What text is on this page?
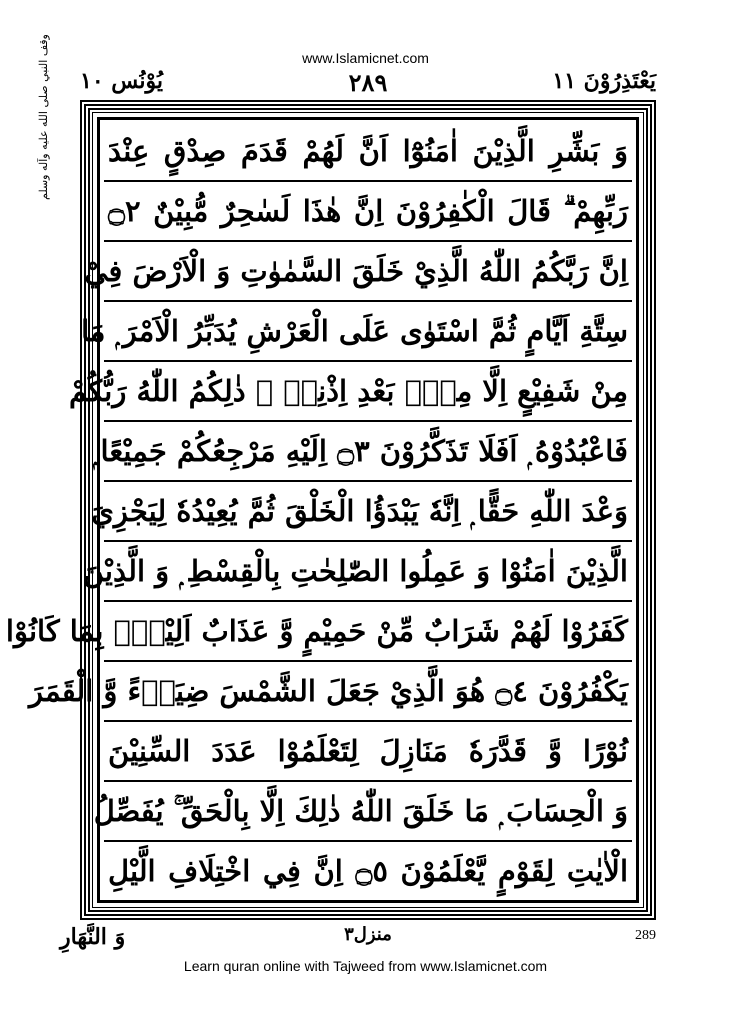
www.Islamicnet.com
يَعْتَذِرُوْنَ ١١
٢٨٩
يُوْنُس ١٠
وقف النبي صلى الله عليه وآله وسلم	وَ بَشِّرِ الَّذِيْنَ اٰمَنُوْٓا اَنَّ لَهُمْ قَدَمَ صِدْقٍ عِنْدَ
رَبِّهِمْ ۗ قَالَ الْكٰفِرُوْنَ اِنَّ هٰذَا لَسٰحِرٌ مُّبِيْنٌ ۝٢
اِنَّ رَبَّكُمُ اللّٰهُ الَّذِيْ خَلَقَ السَّمٰوٰتِ وَ الْاَرْضَ فِيْ
سِتَّةِ اَيَّامٍ ثُمَّ اسْتَوٰى عَلَى الْعَرْشِ يُدَبِّرُ الْاَمْرَ ۭ مَا
مِنْ شَفِيْعٍ اِلَّا مِنْۢ بَعْدِ اِذْنِهٖ ۭ ذٰلِكُمُ اللّٰهُ رَبُّكُمْ
فَاعْبُدُوْهُ ۭ اَفَلَا تَذَكَّرُوْنَ ۝٣ اِلَيْهِ مَرْجِعُكُمْ جَمِيْعًا ۭ
وَعْدَ اللّٰهِ حَقًّا ۭ اِنَّهٗ يَبْدَؤُا الْخَلْقَ ثُمَّ يُعِيْدُهٗ لِيَجْزِيَ
الَّذِيْنَ اٰمَنُوْا وَ عَمِلُوا الصّٰلِحٰتِ بِالْقِسْطِ ۭ وَ الَّذِيْنَ
كَفَرُوْا لَهُمْ شَرَابٌ مِّنْ حَمِيْمٍ وَّ عَذَابٌ اَلِيْمٌۢ بِمَا كَانُوْا
يَكْفُرُوْنَ ۝٤ هُوَ الَّذِيْ جَعَلَ الشَّمْسَ ضِيَاۗءً وَّ الْقَمَرَ
نُوْرًا وَّ قَدَّرَهٗ مَنَازِلَ لِتَعْلَمُوْا عَدَدَ السِّنِيْنَ
وَ الْحِسَابَ ۭ مَا خَلَقَ اللّٰهُ ذٰلِكَ اِلَّا بِالْحَقِّ ۚ يُفَصِّلُ
الْاٰيٰتِ لِقَوْمٍ يَّعْلَمُوْنَ ۝٥ اِنَّ فِي اخْتِلَافِ الَّيْلِ
وَ النَّهَارِ	منزل٣	289
Learn quran online with Tajweed from www.Islamicnet.com
